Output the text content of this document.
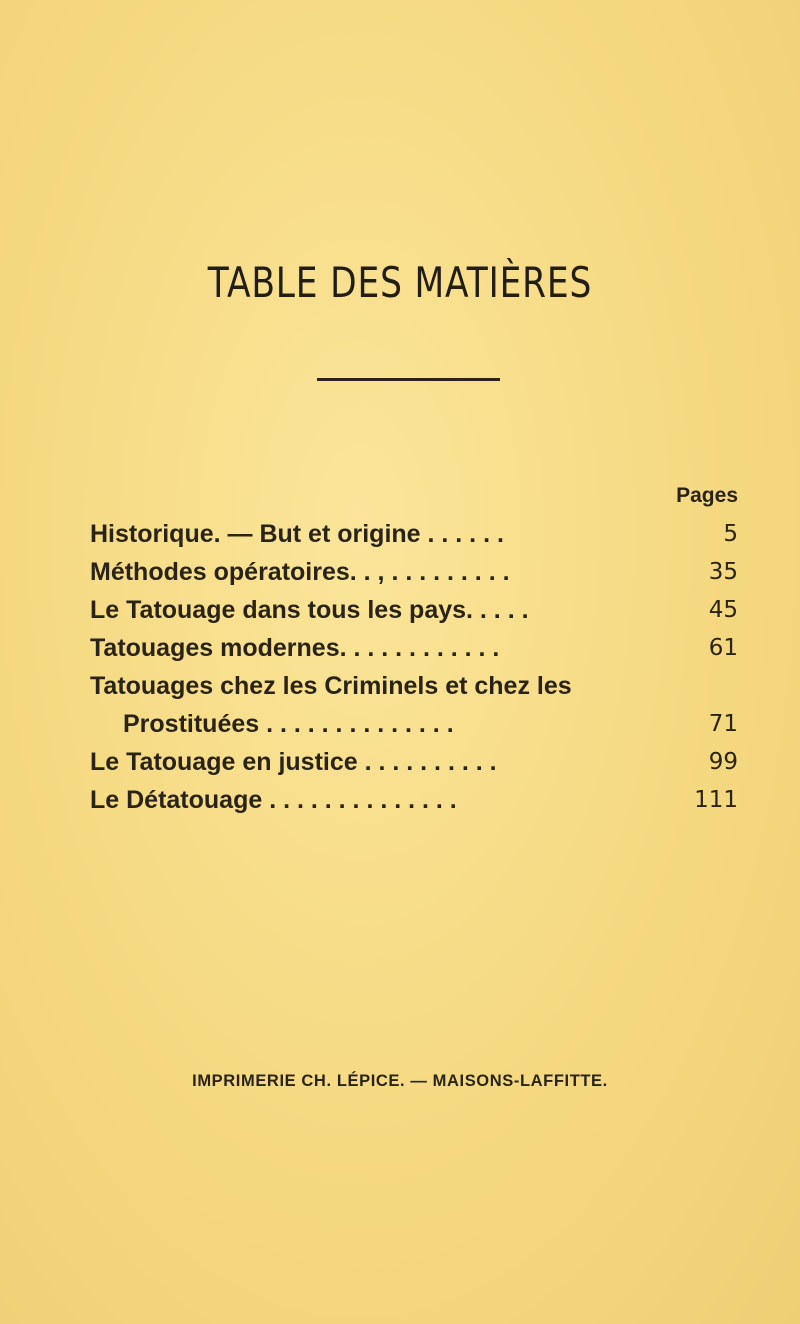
TABLE DES MATIÈRES
Pages
Historique. — But et origine . . . . . .	5
Méthodes opératoires. . , . . . . . . . . .	35
Le Tatouage dans tous les pays. . . . .	45
Tatouages modernes. . . . . . . . . . . .	61
Tatouages chez les Criminels et chez les
Prostituées . . . . . . . . . . . . . .	71
Le Tatouage en justice . . . . . . . . . .	99
Le Détatouage . . . . . . . . . . . . . .	111
IMPRIMERIE CH. LÉPICE. — MAISONS-LAFFITTE.
